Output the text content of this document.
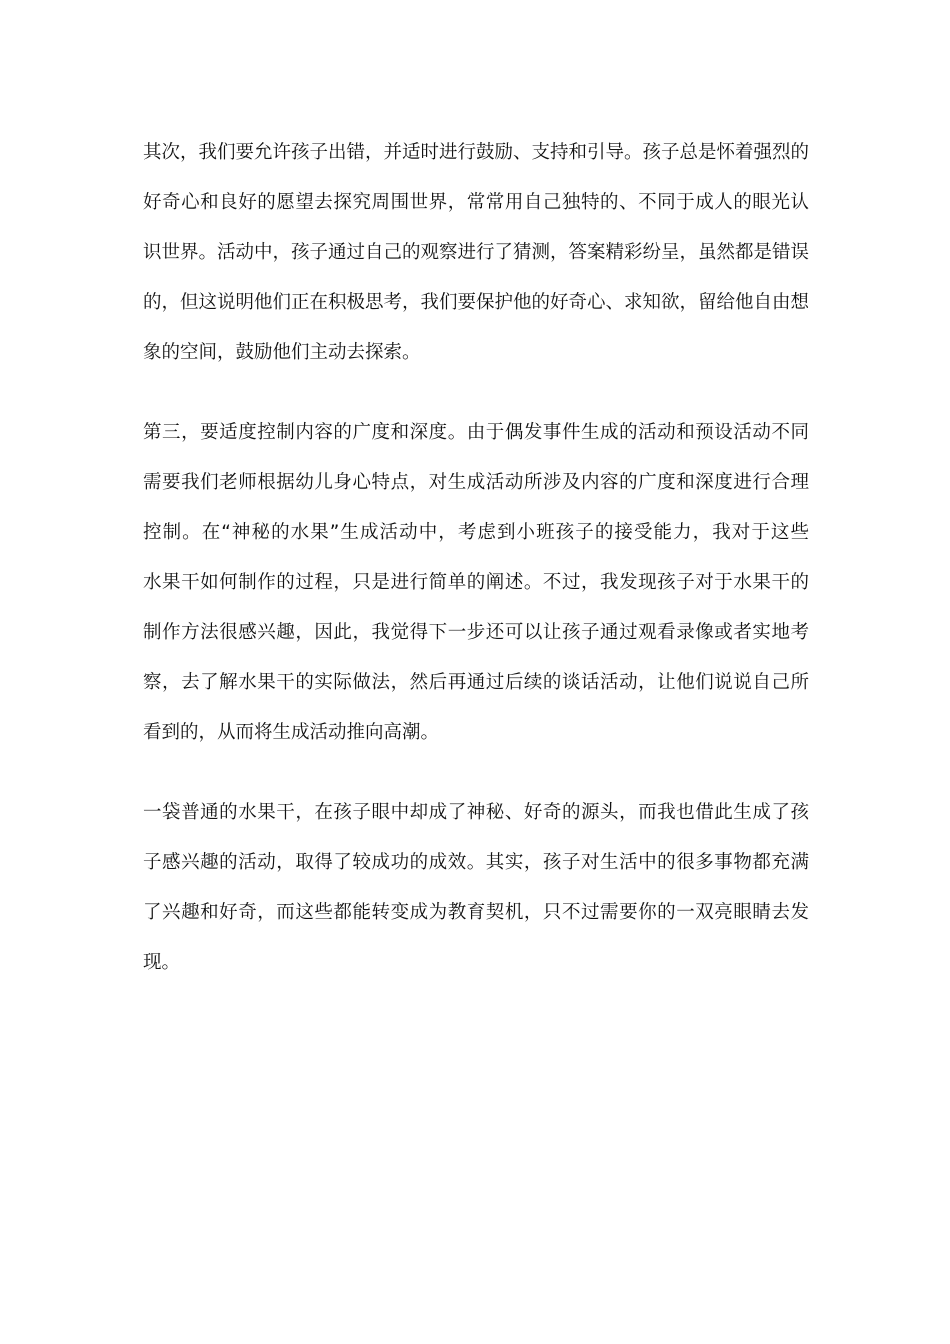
其次，我们要允许孩子出错，并适时进行鼓励、支持和引导。孩子总是怀着强烈的
好奇心和良好的愿望去探究周围世界，常常用自己独特的、不同于成人的眼光认
识世界。活动中，孩子通过自己的观察进行了猜测，答案精彩纷呈，虽然都是错误
的，但这说明他们正在积极思考，我们要保护他的好奇心、求知欲，留给他自由想
象的空间，鼓励他们主动去探索。

第三，要适度控制内容的广度和深度。由于偶发事件生成的活动和预设活动不同
需要我们老师根据幼儿身心特点，对生成活动所涉及内容的广度和深度进行合理
控制。在“神秘的水果”生成活动中，考虑到小班孩子的接受能力，我对于这些
水果干如何制作的过程，只是进行简单的阐述。不过，我发现孩子对于水果干的
制作方法很感兴趣，因此，我觉得下一步还可以让孩子通过观看录像或者实地考
察，去了解水果干的实际做法，然后再通过后续的谈话活动，让他们说说自己所
看到的，从而将生成活动推向高潮。

一袋普通的水果干，在孩子眼中却成了神秘、好奇的源头，而我也借此生成了孩
子感兴趣的活动，取得了较成功的成效。其实，孩子对生活中的很多事物都充满
了兴趣和好奇，而这些都能转变成为教育契机，只不过需要你的一双亮眼睛去发
现。
